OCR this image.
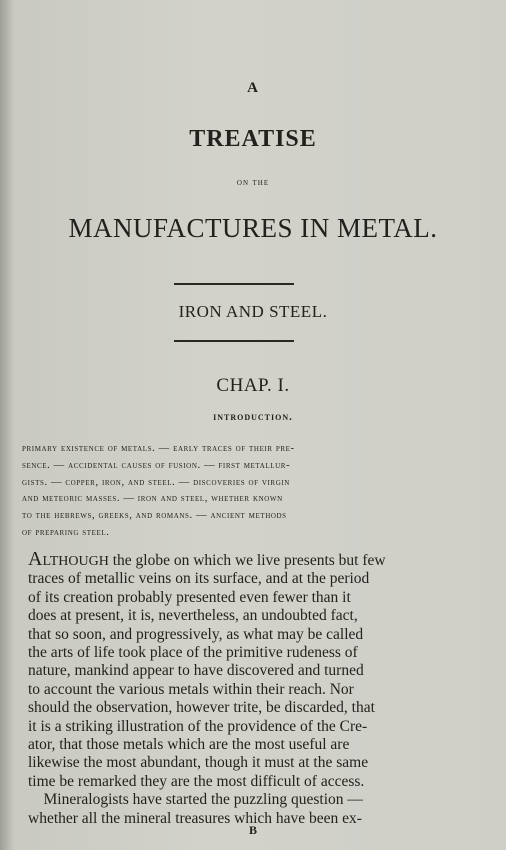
A
TREATISE
on the
MANUFACTURES IN METAL.
IRON AND STEEL.
CHAP. I.
introduction.

primary existence of metals. — early traces of their pre-
sence. — accidental causes of fusion. — first metallur-
gists. — copper, iron, and steel. — discoveries of virgin
and meteoric masses. — iron and steel, whether known
to the hebrews, greeks, and romans. — ancient methods
of preparing steel.

Although the globe on which we live presents but few
traces of metallic veins on its surface, and at the period
of its creation probably presented even fewer than it
does at present, it is, nevertheless, an undoubted fact,
that so soon, and progressively, as what may be called
the arts of life took place of the primitive rudeness of
nature, mankind appear to have discovered and turned
to account the various metals within their reach. Nor
should the observation, however trite, be discarded, that
it is a striking illustration of the providence of the Cre-
ator, that those metals which are the most useful are
likewise the most abundant, though it must at the same
time be remarked they are the most difficult of access.
Mineralogists have started the puzzling question —
whether all the mineral treasures which have been ex-

B
